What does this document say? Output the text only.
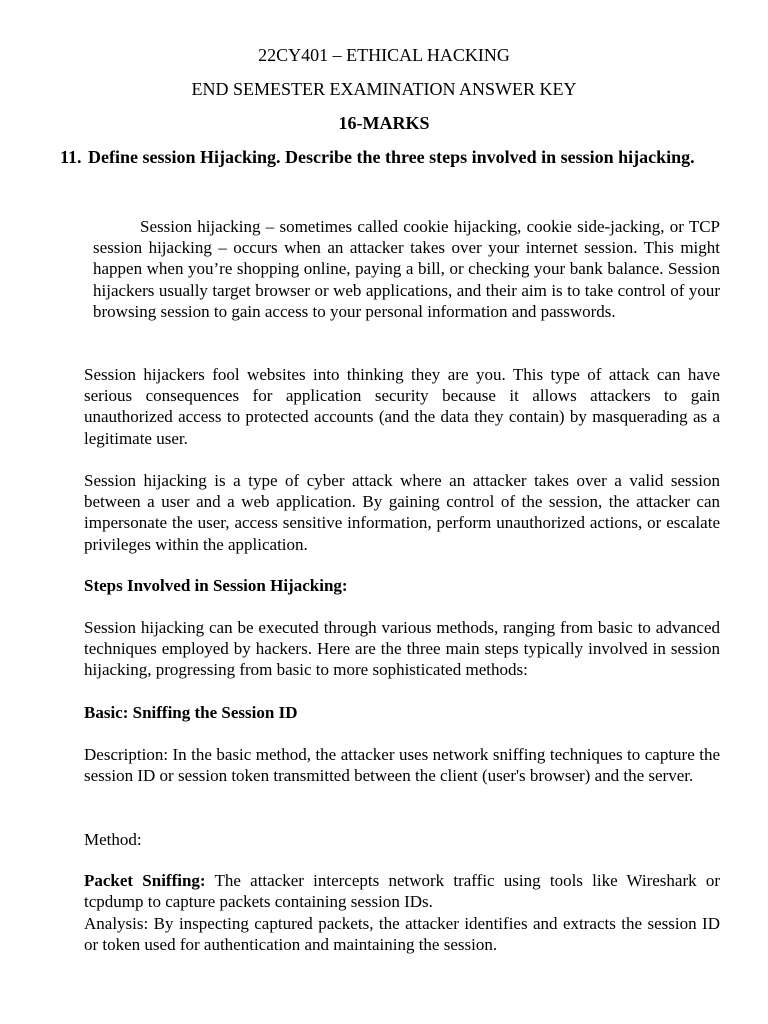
22CY401 – ETHICAL HACKING

END SEMESTER EXAMINATION ANSWER KEY

16-MARKS

11. Define session Hijacking. Describe the three steps involved in session hijacking.

Session hijacking – sometimes called cookie hijacking, cookie side-jacking, or TCP session hijacking – occurs when an attacker takes over your internet session. This might happen when you’re shopping online, paying a bill, or checking your bank balance. Session hijackers usually target browser or web applications, and their aim is to take control of your browsing session to gain access to your personal information and passwords.

Session hijackers fool websites into thinking they are you. This type of attack can have serious consequences for application security because it allows attackers to gain unauthorized access to protected accounts (and the data they contain) by masquerading as a legitimate user.

Session hijacking is a type of cyber attack where an attacker takes over a valid session between a user and a web application. By gaining control of the session, the attacker can impersonate the user, access sensitive information, perform unauthorized actions, or escalate privileges within the application.

Steps Involved in Session Hijacking:

Session hijacking can be executed through various methods, ranging from basic to advanced techniques employed by hackers. Here are the three main steps typically involved in session hijacking, progressing from basic to more sophisticated methods:

Basic: Sniffing the Session ID

Description: In the basic method, the attacker uses network sniffing techniques to capture the session ID or session token transmitted between the client (user's browser) and the server.

Method:

Packet Sniffing: The attacker intercepts network traffic using tools like Wireshark or tcpdump to capture packets containing session IDs.

Analysis: By inspecting captured packets, the attacker identifies and extracts the session ID or token used for authentication and maintaining the session.
